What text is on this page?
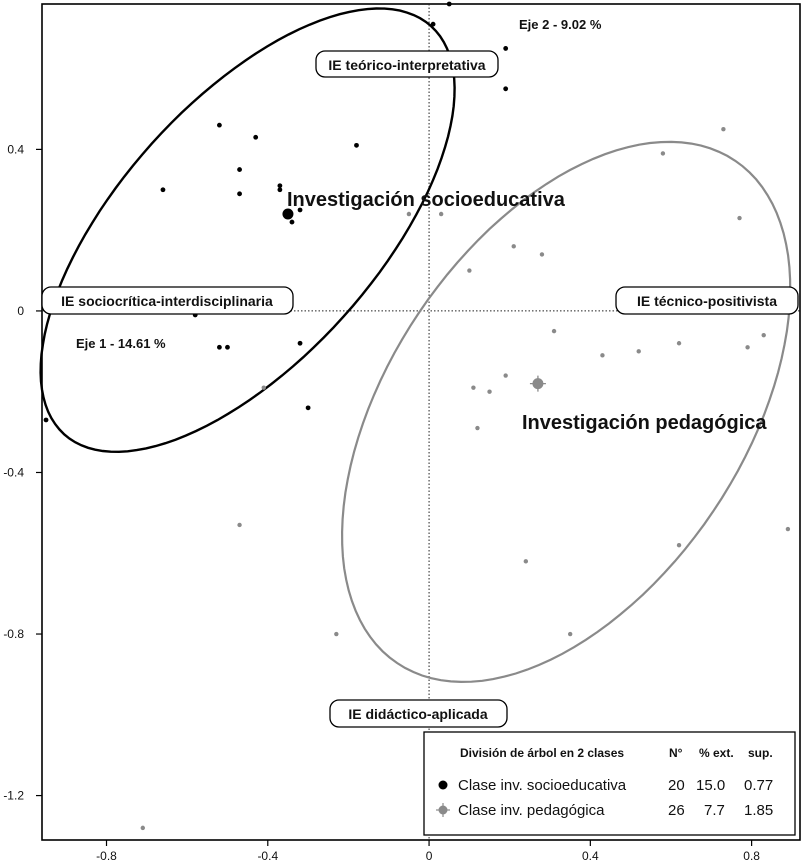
-0.8	-0.4	0	0.4	0.8
0.4
0
-0.4
-0.8
-1.2
Eje 2 - 9.02 %
Eje 1 - 14.61 %
Investigación socioeducativa
Investigación pedagógica
IE teórico-interpretativa
IE sociocrítica-interdisciplinaria	IE técnico-positivista
IE didáctico-aplicada
División de árbol en 2 clases	N° % ext. sup.
Clase inv. socioeducativa	20 15.0 0.77
Clase inv. pedagógica	26 7.7 1.85
